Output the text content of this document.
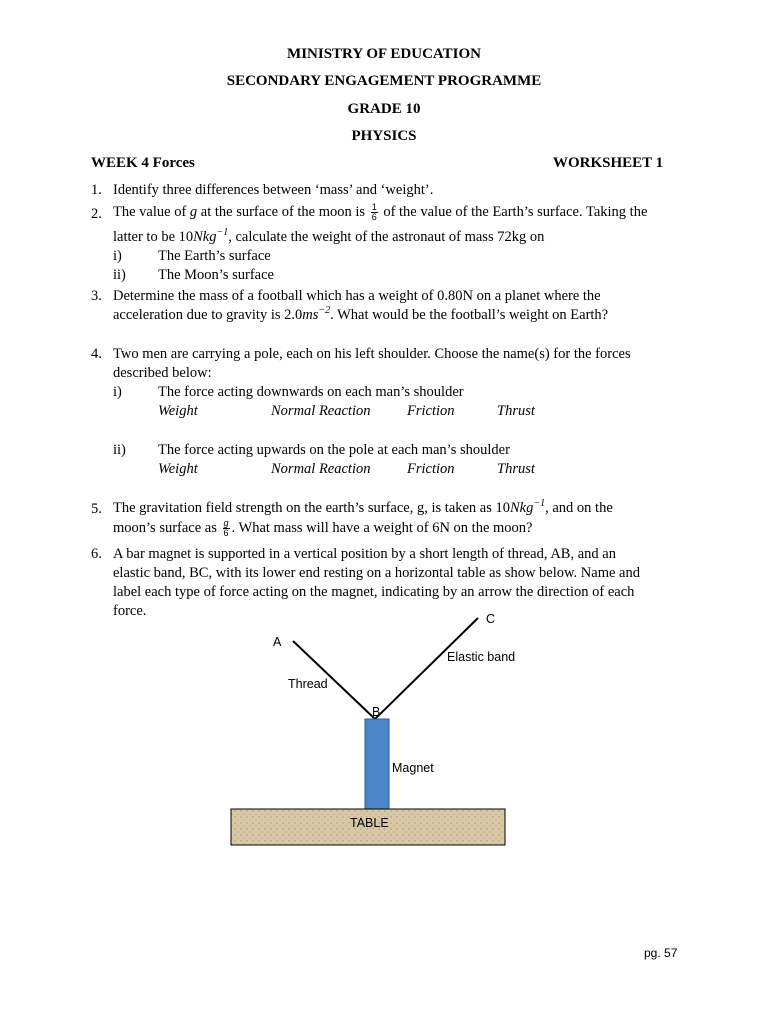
MINISTRY OF EDUCATION
SECONDARY ENGAGEMENT PROGRAMME
GRADE 10
PHYSICS
WEEK 4 Forces	WORKSHEET 1
1. Identify three differences between ‘mass’ and ‘weight’.
2. The value of g at the surface of the moon is $\frac{1}{6}$ of the value of the Earth’s surface. Taking the
latter to be 10Nkg$^{-1}$, calculate the weight of the astronaut of mass 72kg on
i) The Earth’s surface
ii) The Moon’s surface
3. Determine the mass of a football which has a weight of 0.80N on a planet where the
acceleration due to gravity is $2.0ms^{-2}$. What would be the football’s weight on Earth?
4. Two men are carrying a pole, each on his left shoulder. Choose the name(s) for the forces
described below:
i) The force acting downwards on each man’s shoulder
Weight	Normal Reaction	Friction	Thrust
ii) The force acting upwards on the pole at each man’s shoulder
Weight	Normal Reaction	Friction	Thrust
5. The gravitation field strength on the earth’s surface, g, is taken as 10Nkg$^{-1}$, and on the
moon’s surface as $\frac{g}{6}$ . What mass will have a weight of 6N on the moon?
6. A bar magnet is supported in a vertical position by a short length of thread, AB, and an
elastic band, BC, with its lower end resting on a horizontal table as show below. Name and
label each type of force acting on the magnet, indicating by an arrow the direction of each
force.
A
C
B
Thread
Elastic band
Magnet
TABLE
pg. 57
